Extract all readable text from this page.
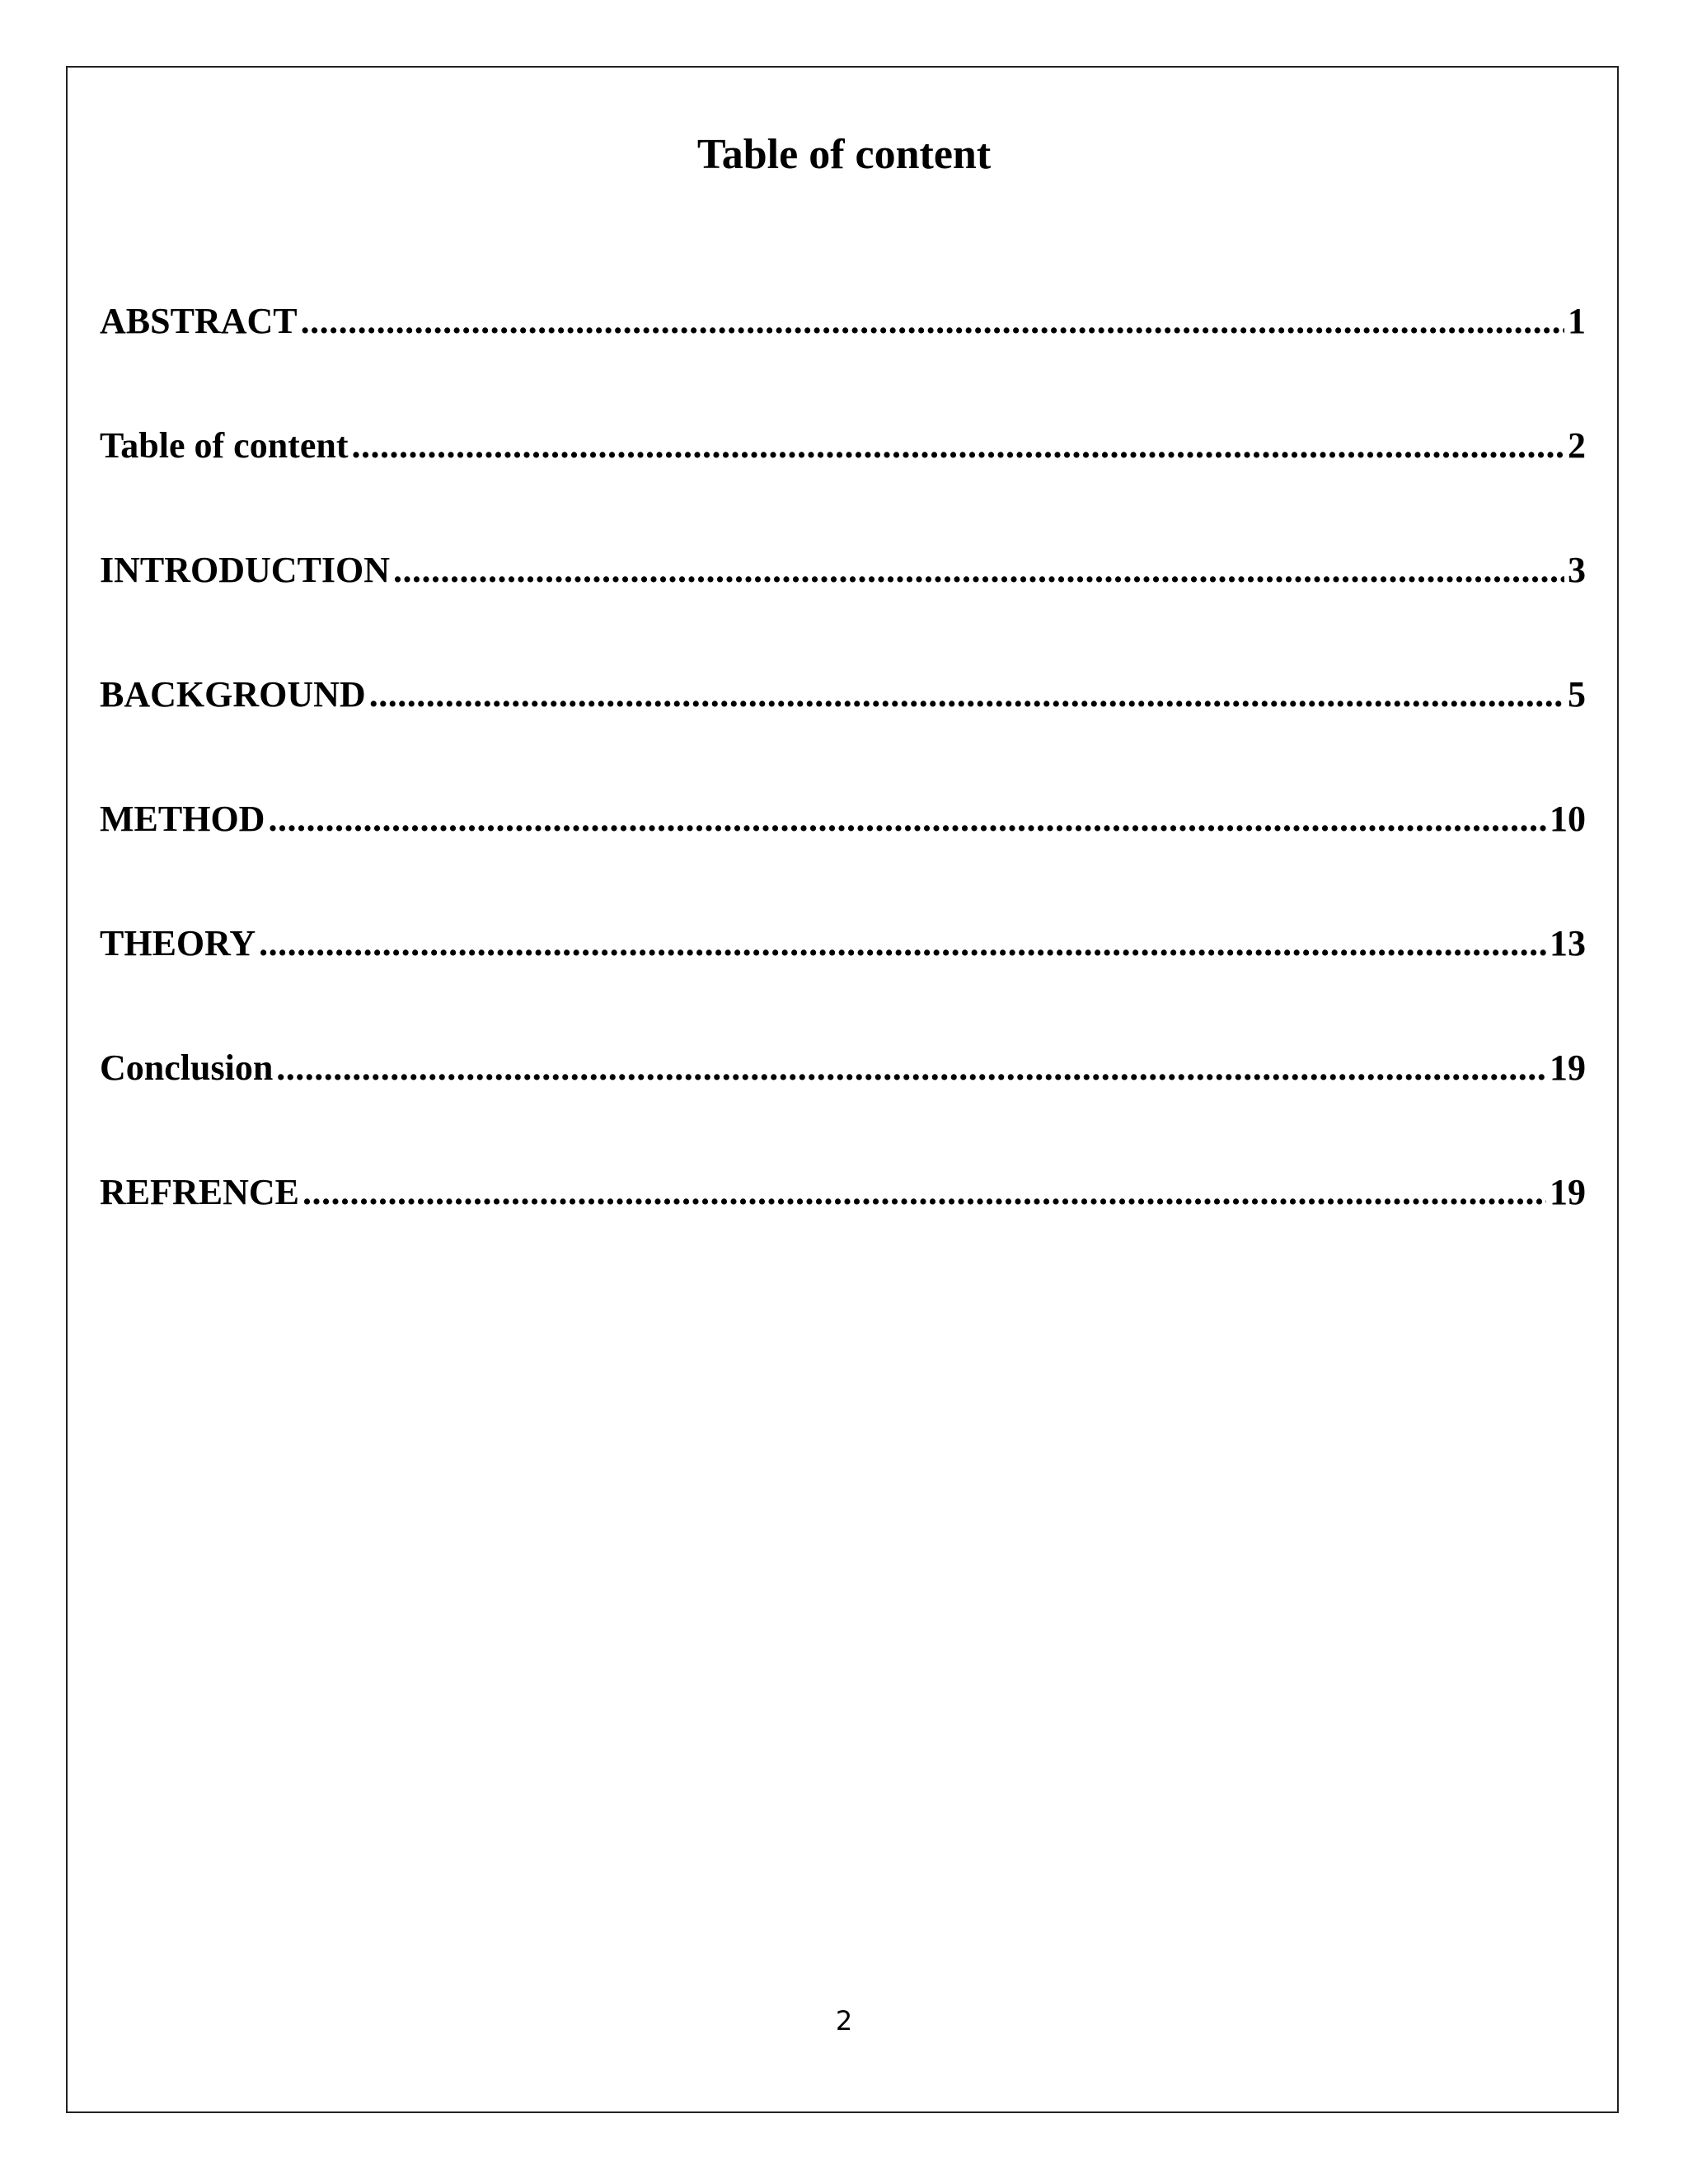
Table of content
ABSTRACT .....	1
Table of content .....	2
INTRODUCTION .....	3
BACKGROUND .....	5
METHOD .....	10
THEORY .....	13
Conclusion .....	19
REFRENCE .....	19
2
